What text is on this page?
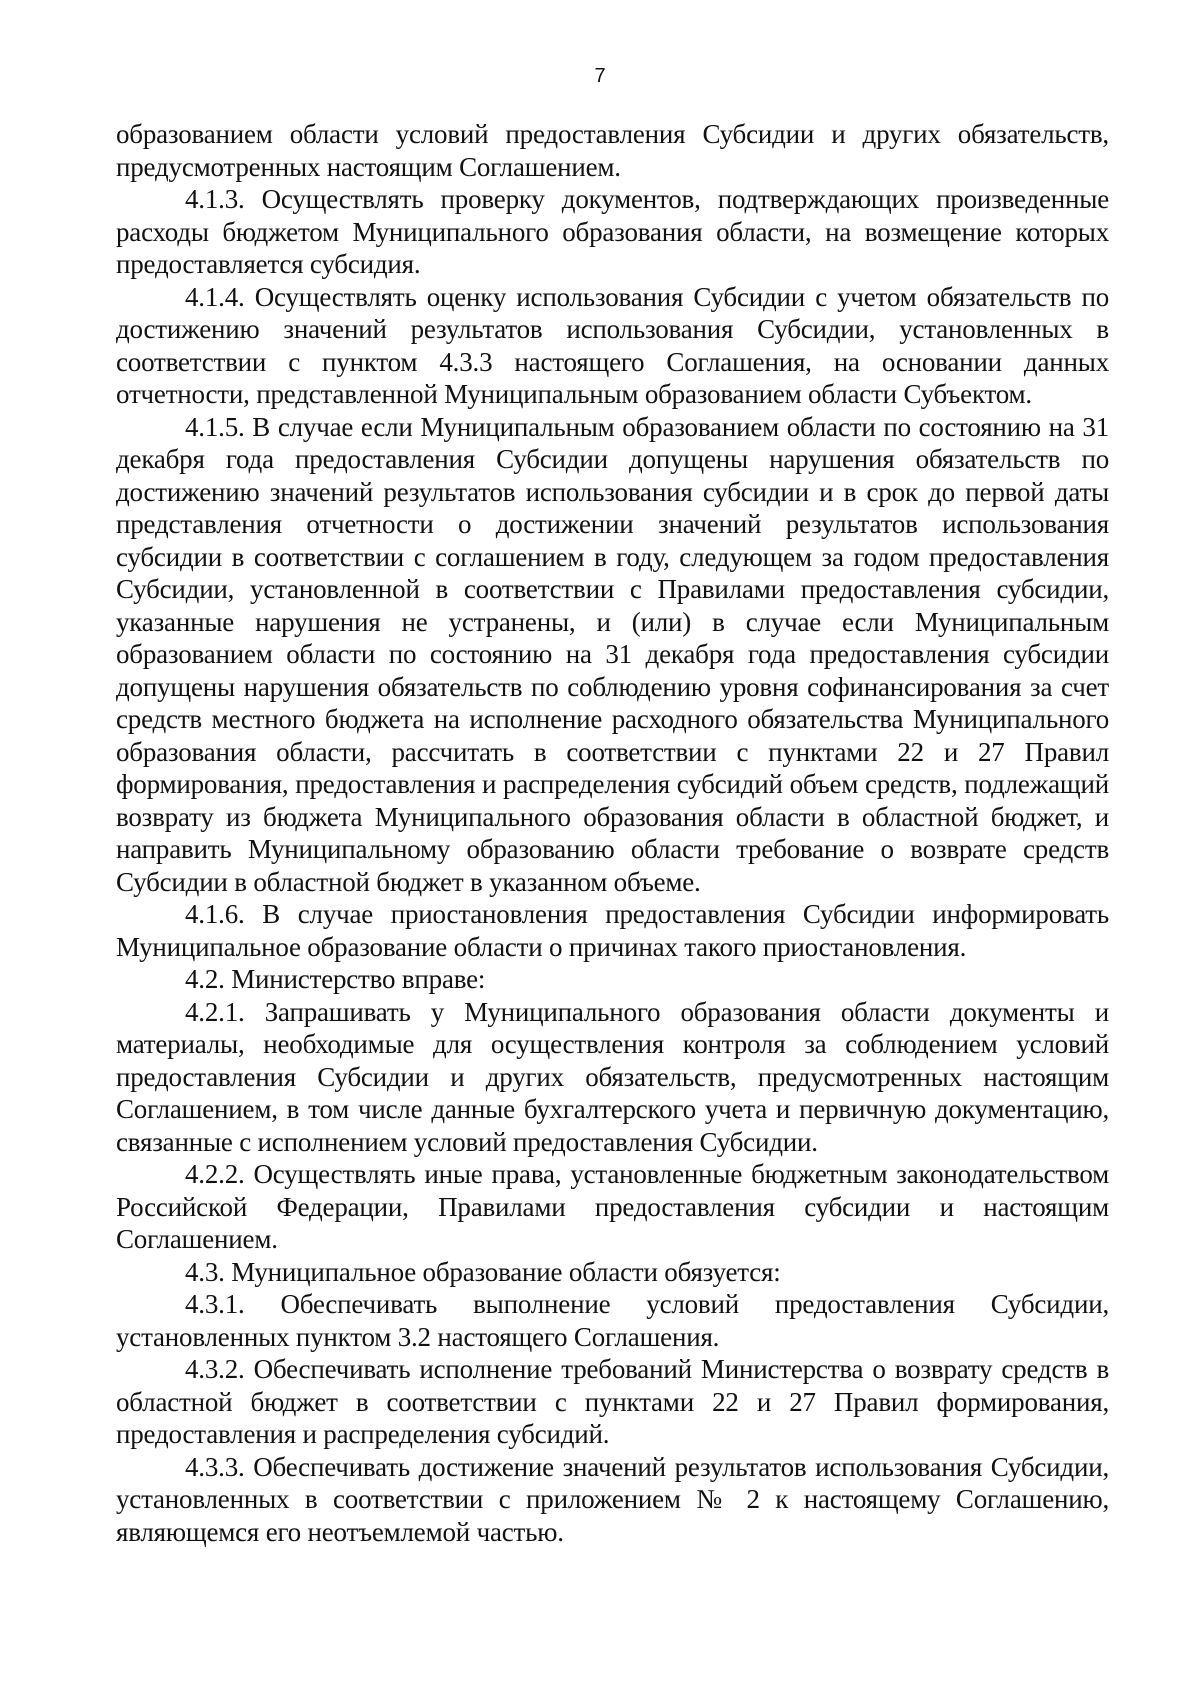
7

образованием области условий предоставления Субсидии и других обязательств, предусмотренных настоящим Соглашением.

4.1.3. Осуществлять проверку документов, подтверждающих произведенные расходы бюджетом Муниципального образования области, на возмещение которых предоставляется субсидия.

4.1.4. Осуществлять оценку использования Субсидии с учетом обязательств по достижению значений результатов использования Субсидии, установленных в соответствии с пунктом 4.3.3 настоящего Соглашения, на основании данных отчетности, представленной Муниципальным образованием области Субъектом.

4.1.5. В случае если Муниципальным образованием области по состоянию на 31 декабря года предоставления Субсидии допущены нарушения обязательств по достижению значений результатов использования субсидии и в срок до первой даты представления отчетности о достижении значений результатов использования субсидии в соответствии с соглашением в году, следующем за годом предоставления Субсидии, установленной в соответствии с Правилами предоставления субсидии, указанные нарушения не устранены, и (или) в случае если Муниципальным образованием области по состоянию на 31 декабря года предоставления субсидии допущены нарушения обязательств по соблюдению уровня софинансирования за счет средств местного бюджета на исполнение расходного обязательства Муниципального образования области, рассчитать в соответствии с пунктами 22 и 27 Правил формирования, предоставления и распределения субсидий объем средств, подлежащий возврату из бюджета Муниципального образования области в областной бюджет, и направить Муниципальному образованию области требование о возврате средств Субсидии в областной бюджет в указанном объеме.

4.1.6. В случае приостановления предоставления Субсидии информировать Муниципальное образование области о причинах такого приостановления.

4.2. Министерство вправе:

4.2.1. Запрашивать у Муниципального образования области документы и материалы, необходимые для осуществления контроля за соблюдением условий предоставления Субсидии и других обязательств, предусмотренных настоящим Соглашением, в том числе данные бухгалтерского учета и первичную документацию, связанные с исполнением условий предоставления Субсидии.

4.2.2. Осуществлять иные права, установленные бюджетным законодательством Российской Федерации, Правилами предоставления субсидии и настоящим Соглашением.

4.3. Муниципальное образование области обязуется:

4.3.1. Обеспечивать выполнение условий предоставления Субсидии, установленных пунктом 3.2 настоящего Соглашения.

4.3.2. Обеспечивать исполнение требований Министерства о возврату средств в областной бюджет в соответствии с пунктами 22 и 27 Правил формирования, предоставления и распределения субсидий.

4.3.3. Обеспечивать достижение значений результатов использования Субсидии, установленных в соответствии с приложением № 2 к настоящему Соглашению, являющемся его неотъемлемой частью.
